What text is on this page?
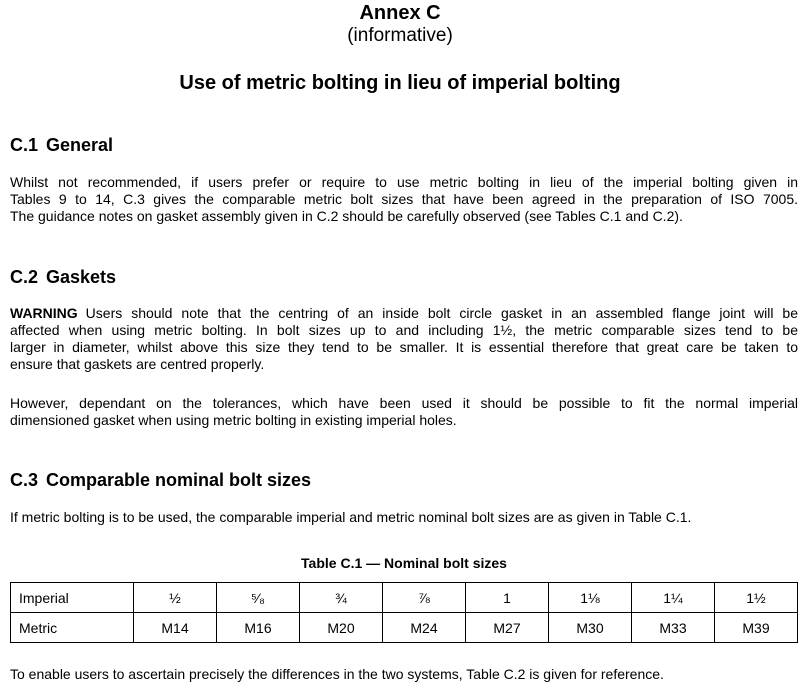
Annex C
(informative)
Use of metric bolting in lieu of imperial bolting
C.1 General
Whilst not recommended, if users prefer or require to use metric bolting in lieu of the imperial bolting given in
Tables 9 to 14, C.3 gives the comparable metric bolt sizes that have been agreed in the preparation of ISO 7005.
The guidance notes on gasket assembly given in C.2 should be carefully observed (see Tables C.1 and C.2).
C.2 Gaskets
WARNING Users should note that the centring of an inside bolt circle gasket in an assembled flange joint will be
affected when using metric bolting. In bolt sizes up to and including 1½, the metric comparable sizes tend to be
larger in diameter, whilst above this size they tend to be smaller. It is essential therefore that great care be taken to
ensure that gaskets are centred properly.
However, dependant on the tolerances, which have been used it should be possible to fit the normal imperial
dimensioned gasket when using metric bolting in existing imperial holes.
C.3 Comparable nominal bolt sizes
If metric bolting is to be used, the comparable imperial and metric nominal bolt sizes are as given in Table C.1.
Table C.1 — Nominal bolt sizes
Imperial	½	⁵⁄₈	¾	⅞	1	1⅛	1¼	1½
Metric	M14	M16	M20	M24	M27	M30	M33	M39
To enable users to ascertain precisely the differences in the two systems, Table C.2 is given for reference.
